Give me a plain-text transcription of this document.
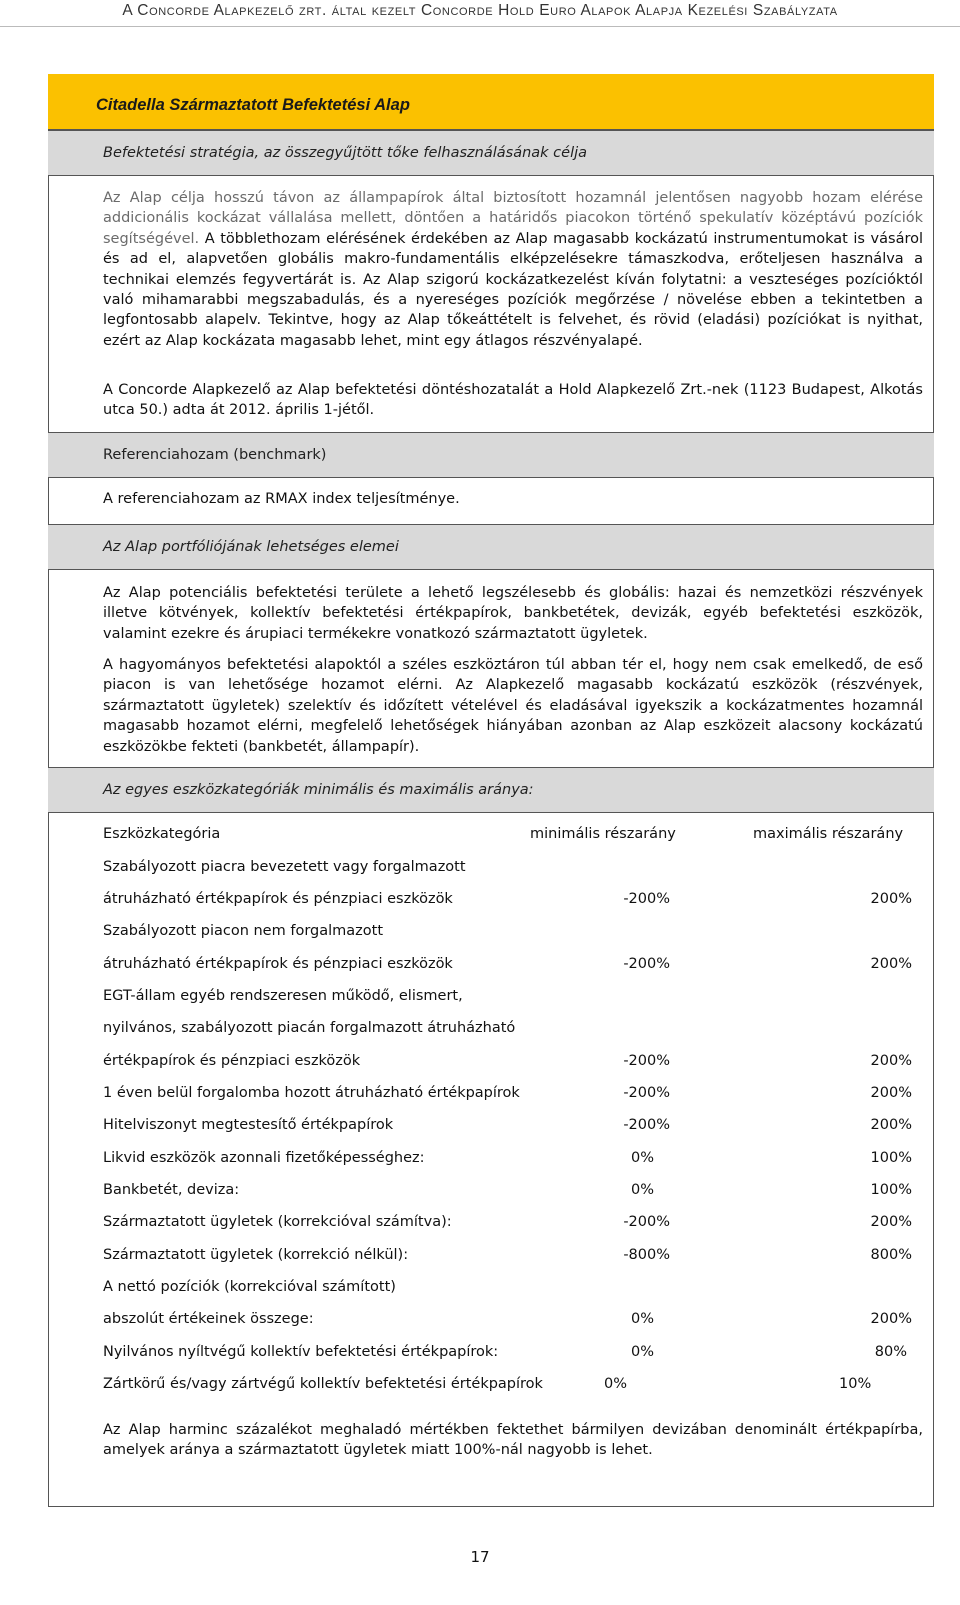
A Concorde Alapkezelő zrt. által kezelt Concorde Hold Euro Alapok Alapja Kezelési Szabályzata
Citadella Származtatott Befektetési Alap
Befektetési stratégia, az összegyűjtött tőke felhasználásának célja
Az Alap célja hosszú távon az állampapírok által biztosított hozamnál jelentősen nagyobb hozam elérése addicionális kockázat vállalása mellett, döntően a határidős piacokon történő spekulatív középtávú pozíciók segítségével. A többlethozam elérésének érdekében az Alap magasabb kockázatú instrumentumokat is vásárol és ad el, alapvetően globális makro-fundamentális elképzelésekre támaszkodva, erőteljesen használva a technikai elemzés fegyvertárát is. Az Alap szigorú kockázatkezelést kíván folytatni: a veszteséges pozícióktól való mihamarabbi megszabadulás, és a nyereséges pozíciók megőrzése / növelése ebben a tekintetben a legfontosabb alapelv. Tekintve, hogy az Alap tőkeáttételt is felvehet, és rövid (eladási) pozíciókat is nyithat, ezért az Alap kockázata magasabb lehet, mint egy átlagos részvényalapé.
A Concorde Alapkezelő az Alap befektetési döntéshozatalát a Hold Alapkezelő Zrt.-nek (1123 Budapest, Alkotás utca 50.) adta át 2012. április 1-jétől.
Referenciahozam (benchmark)
A referenciahozam az RMAX index teljesítménye.
Az Alap portfóliójának lehetséges elemei
Az Alap potenciális befektetési területe a lehető legszélesebb és globális: hazai és nemzetközi részvények illetve kötvények, kollektív befektetési értékpapírok, bankbetétek, devizák, egyéb befektetési eszközök, valamint ezekre és árupiaci termékekre vonatkozó származtatott ügyletek.
A hagyományos befektetési alapoktól a széles eszköztáron túl abban tér el, hogy nem csak emelkedő, de eső piacon is van lehetősége hozamot elérni. Az Alapkezelő magasabb kockázatú eszközök (részvények, származtatott ügyletek) szelektív és időzített vételével és eladásával igyekszik a kockázatmentes hozamnál magasabb hozamot elérni, megfelelő lehetőségek hiányában azonban az Alap eszközeit alacsony kockázatú eszközökbe fekteti (bankbetét, állampapír).
Az egyes eszközkategóriák minimális és maximális aránya:
Eszközkategória	minimális részarány	maximális részarány
Szabályozott piacra bevezetett vagy forgalmazott
átruházható értékpapírok és pénzpiaci eszközök	-200%	200%
Szabályozott piacon nem forgalmazott
átruházható értékpapírok és pénzpiaci eszközök	-200%	200%
EGT-állam egyéb rendszeresen működő, elismert,
nyilvános, szabályozott piacán forgalmazott átruházható
értékpapírok és pénzpiaci eszközök	-200%	200%
1 éven belül forgalomba hozott átruházható értékpapírok	-200%	200%
Hitelviszonyt megtestesítő értékpapírok	-200%	200%
Likvid eszközök azonnali fizetőképességhez:	0%	100%
Bankbetét, deviza:	0%	100%
Származtatott ügyletek (korrekcióval számítva):	-200%	200%
Származtatott ügyletek (korrekció nélkül):	-800%	800%
A nettó pozíciók (korrekcióval számított)
abszolút értékeinek összege:	0%	200%
Nyilvános nyíltvégű kollektív befektetési értékpapírok:	0%	80%
Zártkörű és/vagy zártvégű kollektív befektetési értékpapírok	0%	10%
Az Alap harminc százalékot meghaladó mértékben fektethet bármilyen devizában denominált értékpapírba, amelyek aránya a származtatott ügyletek miatt 100%-nál nagyobb is lehet.
17
